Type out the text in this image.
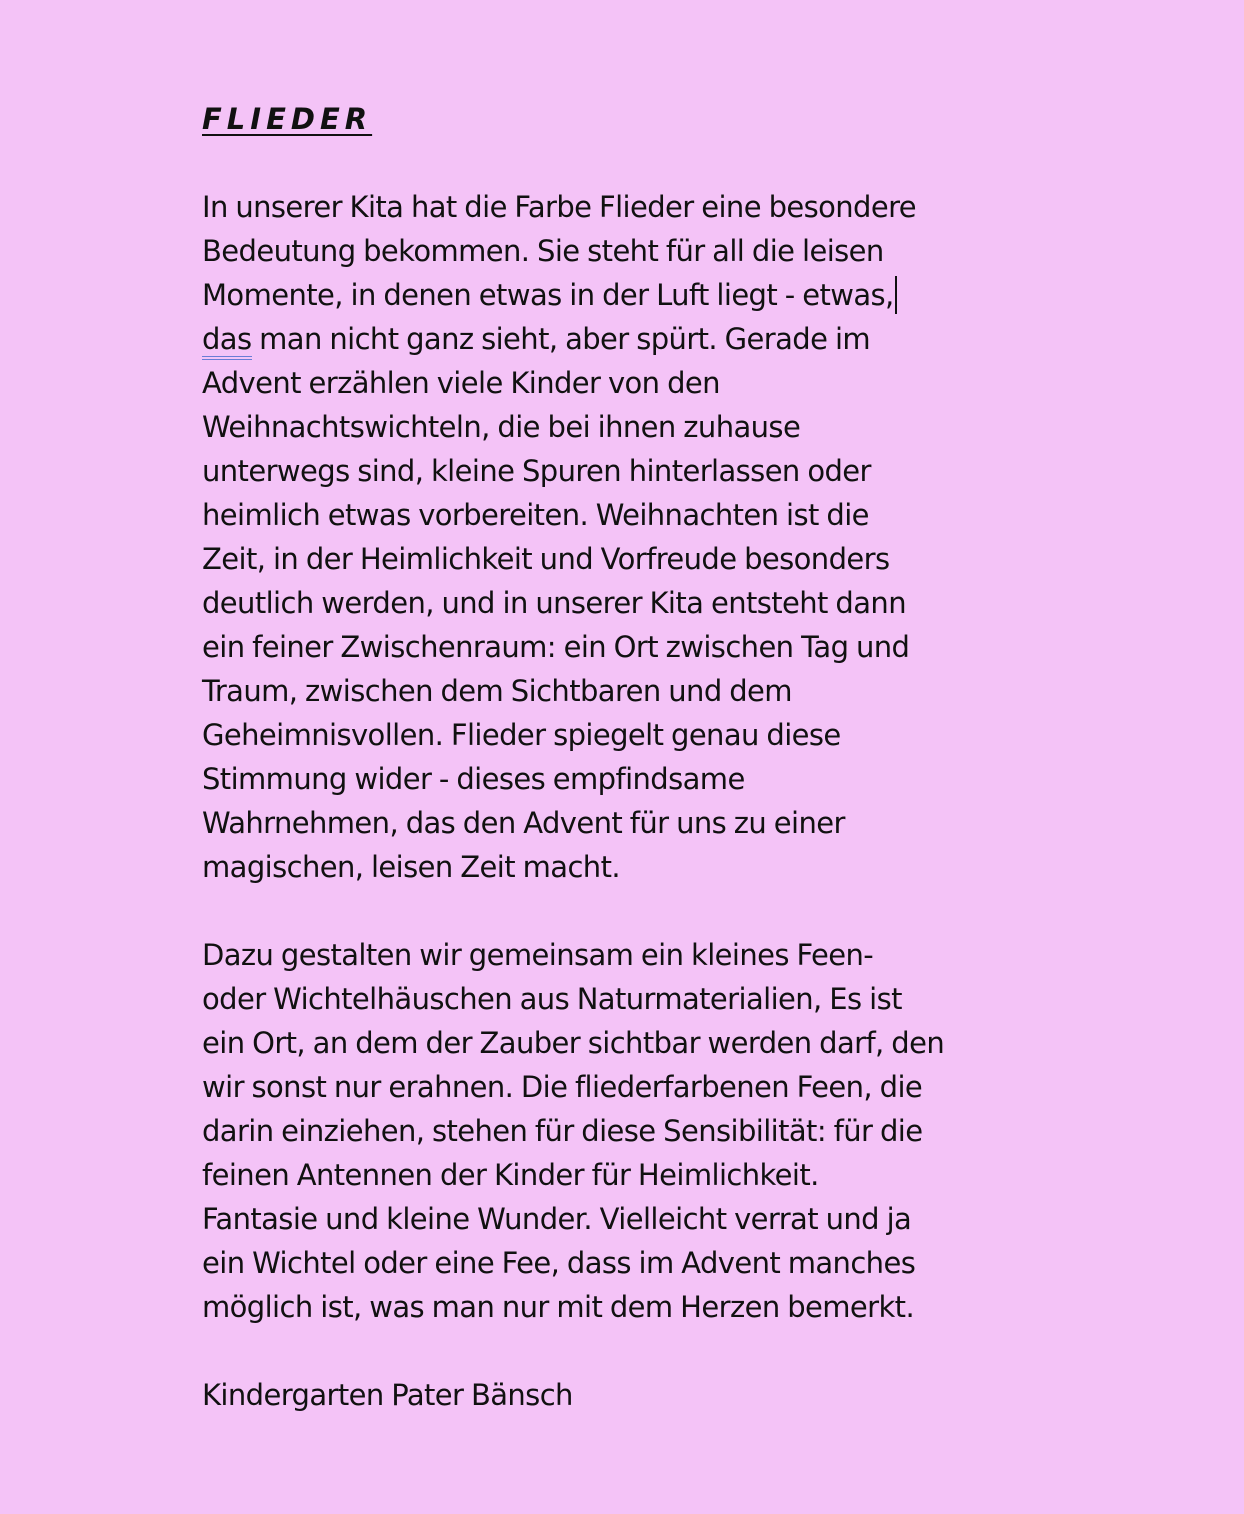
FLIEDER
In unserer Kita hat die Farbe Flieder eine besondere
Bedeutung bekommen. Sie steht für all die leisen
Momente, in denen etwas in der Luft liegt - etwas,
das man nicht ganz sieht, aber spürt. Gerade im
Advent erzählen viele Kinder von den
Weihnachtswichteln, die bei ihnen zuhause
unterwegs sind, kleine Spuren hinterlassen oder
heimlich etwas vorbereiten. Weihnachten ist die
Zeit, in der Heimlichkeit und Vorfreude besonders
deutlich werden, und in unserer Kita entsteht dann
ein feiner Zwischenraum: ein Ort zwischen Tag und
Traum, zwischen dem Sichtbaren und dem
Geheimnisvollen. Flieder spiegelt genau diese
Stimmung wider - dieses empfindsame
Wahrnehmen, das den Advent für uns zu einer
magischen, leisen Zeit macht.
Dazu gestalten wir gemeinsam ein kleines Feen-
oder Wichtelhäuschen aus Naturmaterialien, Es ist
ein Ort, an dem der Zauber sichtbar werden darf, den
wir sonst nur erahnen. Die fliederfarbenen Feen, die
darin einziehen, stehen für diese Sensibilität: für die
feinen Antennen der Kinder für Heimlichkeit.
Fantasie und kleine Wunder. Vielleicht verrat und ja
ein Wichtel oder eine Fee, dass im Advent manches
möglich ist, was man nur mit dem Herzen bemerkt.
Kindergarten Pater Bänsch
